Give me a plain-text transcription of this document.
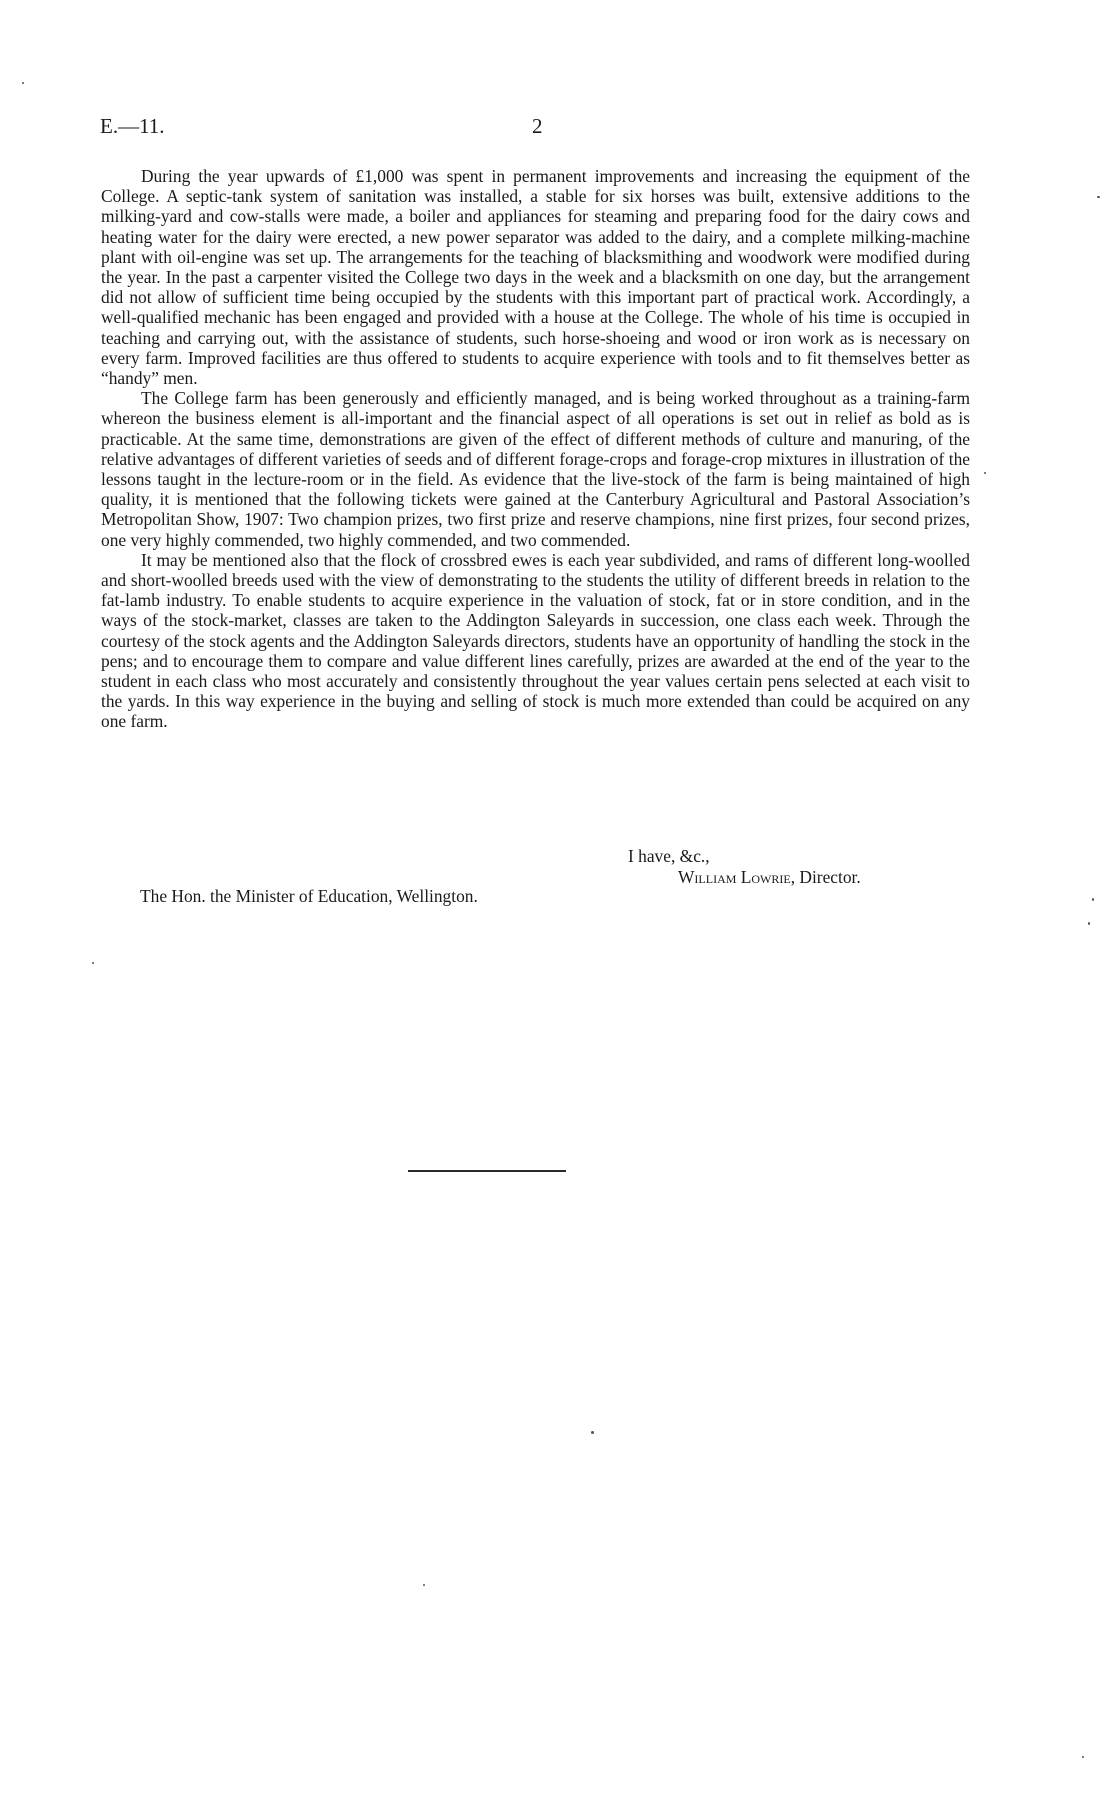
E.—11.	2

During the year upwards of £1,000 was spent in permanent improvements and increasing the equipment of the College. A septic-tank system of sanitation was installed, a stable for six horses was built, extensive additions to the milking-yard and cow-stalls were made, a boiler and appliances for steaming and preparing food for the dairy cows and heating water for the dairy were erected, a new power separator was added to the dairy, and a complete milking-machine plant with oil-engine was set up. The arrangements for the teaching of blacksmithing and woodwork were modified during the year. In the past a carpenter visited the College two days in the week and a blacksmith on one day, but the arrangement did not allow of sufficient time being occupied by the students with this important part of practical work. Accordingly, a well-qualified mechanic has been engaged and provided with a house at the College. The whole of his time is occupied in teaching and carrying out, with the assistance of students, such horse-shoeing and wood or iron work as is necessary on every farm. Improved facilities are thus offered to students to acquire experience with tools and to fit themselves better as “handy” men.

The College farm has been generously and efficiently managed, and is being worked throughout as a training-farm whereon the business element is all-important and the financial aspect of all operations is set out in relief as bold as is practicable. At the same time, demonstrations are given of the effect of different methods of culture and manuring, of the relative advantages of different varieties of seeds and of different forage-crops and forage-crop mixtures in illustration of the lessons taught in the lecture-room or in the field. As evidence that the live-stock of the farm is being maintained of high quality, it is mentioned that the following tickets were gained at the Canterbury Agricultural and Pastoral Association’s Metropolitan Show, 1907: Two champion prizes, two first prize and reserve champions, nine first prizes, four second prizes, one very highly commended, two highly commended, and two commended.

It may be mentioned also that the flock of crossbred ewes is each year subdivided, and rams of different long-woolled and short-woolled breeds used with the view of demonstrating to the students the utility of different breeds in relation to the fat-lamb industry. To enable students to acquire experience in the valuation of stock, fat or in store condition, and in the ways of the stock-market, classes are taken to the Addington Saleyards in succession, one class each week. Through the courtesy of the stock agents and the Addington Saleyards directors, students have an opportunity of handling the stock in the pens; and to encourage them to compare and value different lines carefully, prizes are awarded at the end of the year to the student in each class who most accurately and consistently throughout the year values certain pens selected at each visit to the yards. In this way experience in the buying and selling of stock is much more extended than could be acquired on any one farm.

I have, &c.,
William Lowrie, Director.
The Hon. the Minister of Education, Wellington.
